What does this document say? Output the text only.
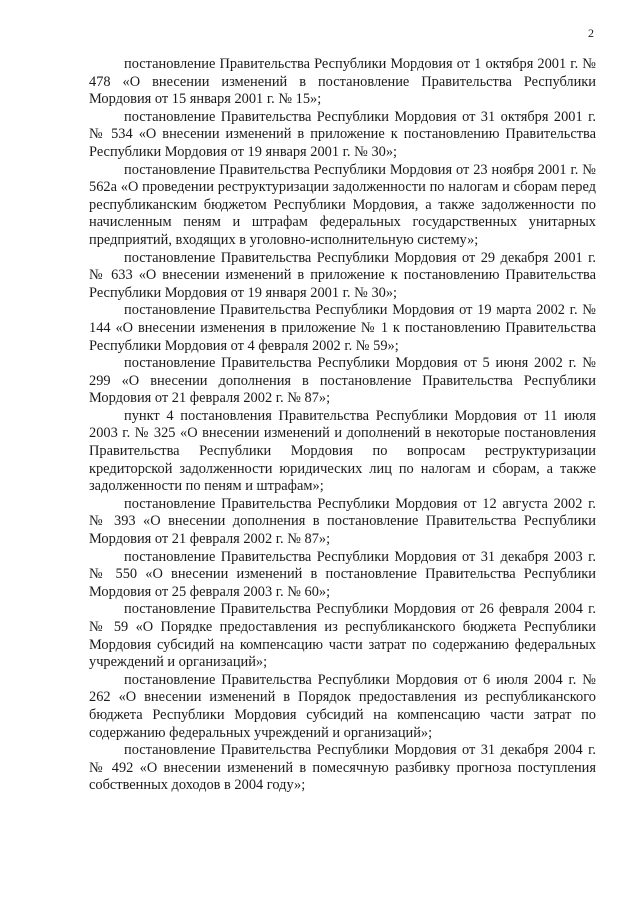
2

постановление Правительства Республики Мордовия от 1 октября 2001 г. № 478 «О внесении изменений в постановление Правительства Республики Мордовия от 15 января 2001 г. № 15»;

постановление Правительства Республики Мордовия от 31 октября 2001 г. № 534 «О внесении изменений в приложение к постановлению Правительства Республики Мордовия от 19 января 2001 г. № 30»;

постановление Правительства Республики Мордовия от 23 ноября 2001 г. № 562а «О проведении реструктуризации задолженности по налогам и сборам перед республиканским бюджетом Республики Мордовия, а также задолженности по начисленным пеням и штрафам федеральных государственных унитарных предприятий, входящих в уголовно-исполнительную систему»;

постановление Правительства Республики Мордовия от 29 декабря 2001 г. № 633 «О внесении изменений в приложение к постановлению Правительства Республики Мордовия от 19 января 2001 г. № 30»;

постановление Правительства Республики Мордовия от 19 марта 2002 г. № 144 «О внесении изменения в приложение № 1 к постановлению Правительства Республики Мордовия от 4 февраля 2002 г. № 59»;

постановление Правительства Республики Мордовия от 5 июня 2002 г. № 299 «О внесении дополнения в постановление Правительства Республики Мордовия от 21 февраля 2002 г. № 87»;

пункт 4 постановления Правительства Республики Мордовия от 11 июля 2003 г. № 325 «О внесении изменений и дополнений в некоторые постановления Правительства Республики Мордовия по вопросам реструктуризации кредиторской задолженности юридических лиц по налогам и сборам, а также задолженности по пеням и штрафам»;

постановление Правительства Республики Мордовия от 12 августа 2002 г. № 393 «О внесении дополнения в постановление Правительства Республики Мордовия от 21 февраля 2002 г. № 87»;

постановление Правительства Республики Мордовия от 31 декабря 2003 г. № 550 «О внесении изменений в постановление Правительства Республики Мордовия от 25 февраля 2003 г. № 60»;

постановление Правительства Республики Мордовия от 26 февраля 2004 г. № 59 «О Порядке предоставления из республиканского бюджета Республики Мордовия субсидий на компенсацию части затрат по содержанию федеральных учреждений и организаций»;

постановление Правительства Республики Мордовия от 6 июля 2004 г. № 262 «О внесении изменений в Порядок предоставления из республиканского бюджета Республики Мордовия субсидий на компенсацию части затрат по содержанию федеральных учреждений и организаций»;

постановление Правительства Республики Мордовия от 31 декабря 2004 г. № 492 «О внесении изменений в помесячную разбивку прогноза поступления собственных доходов в 2004 году»;
